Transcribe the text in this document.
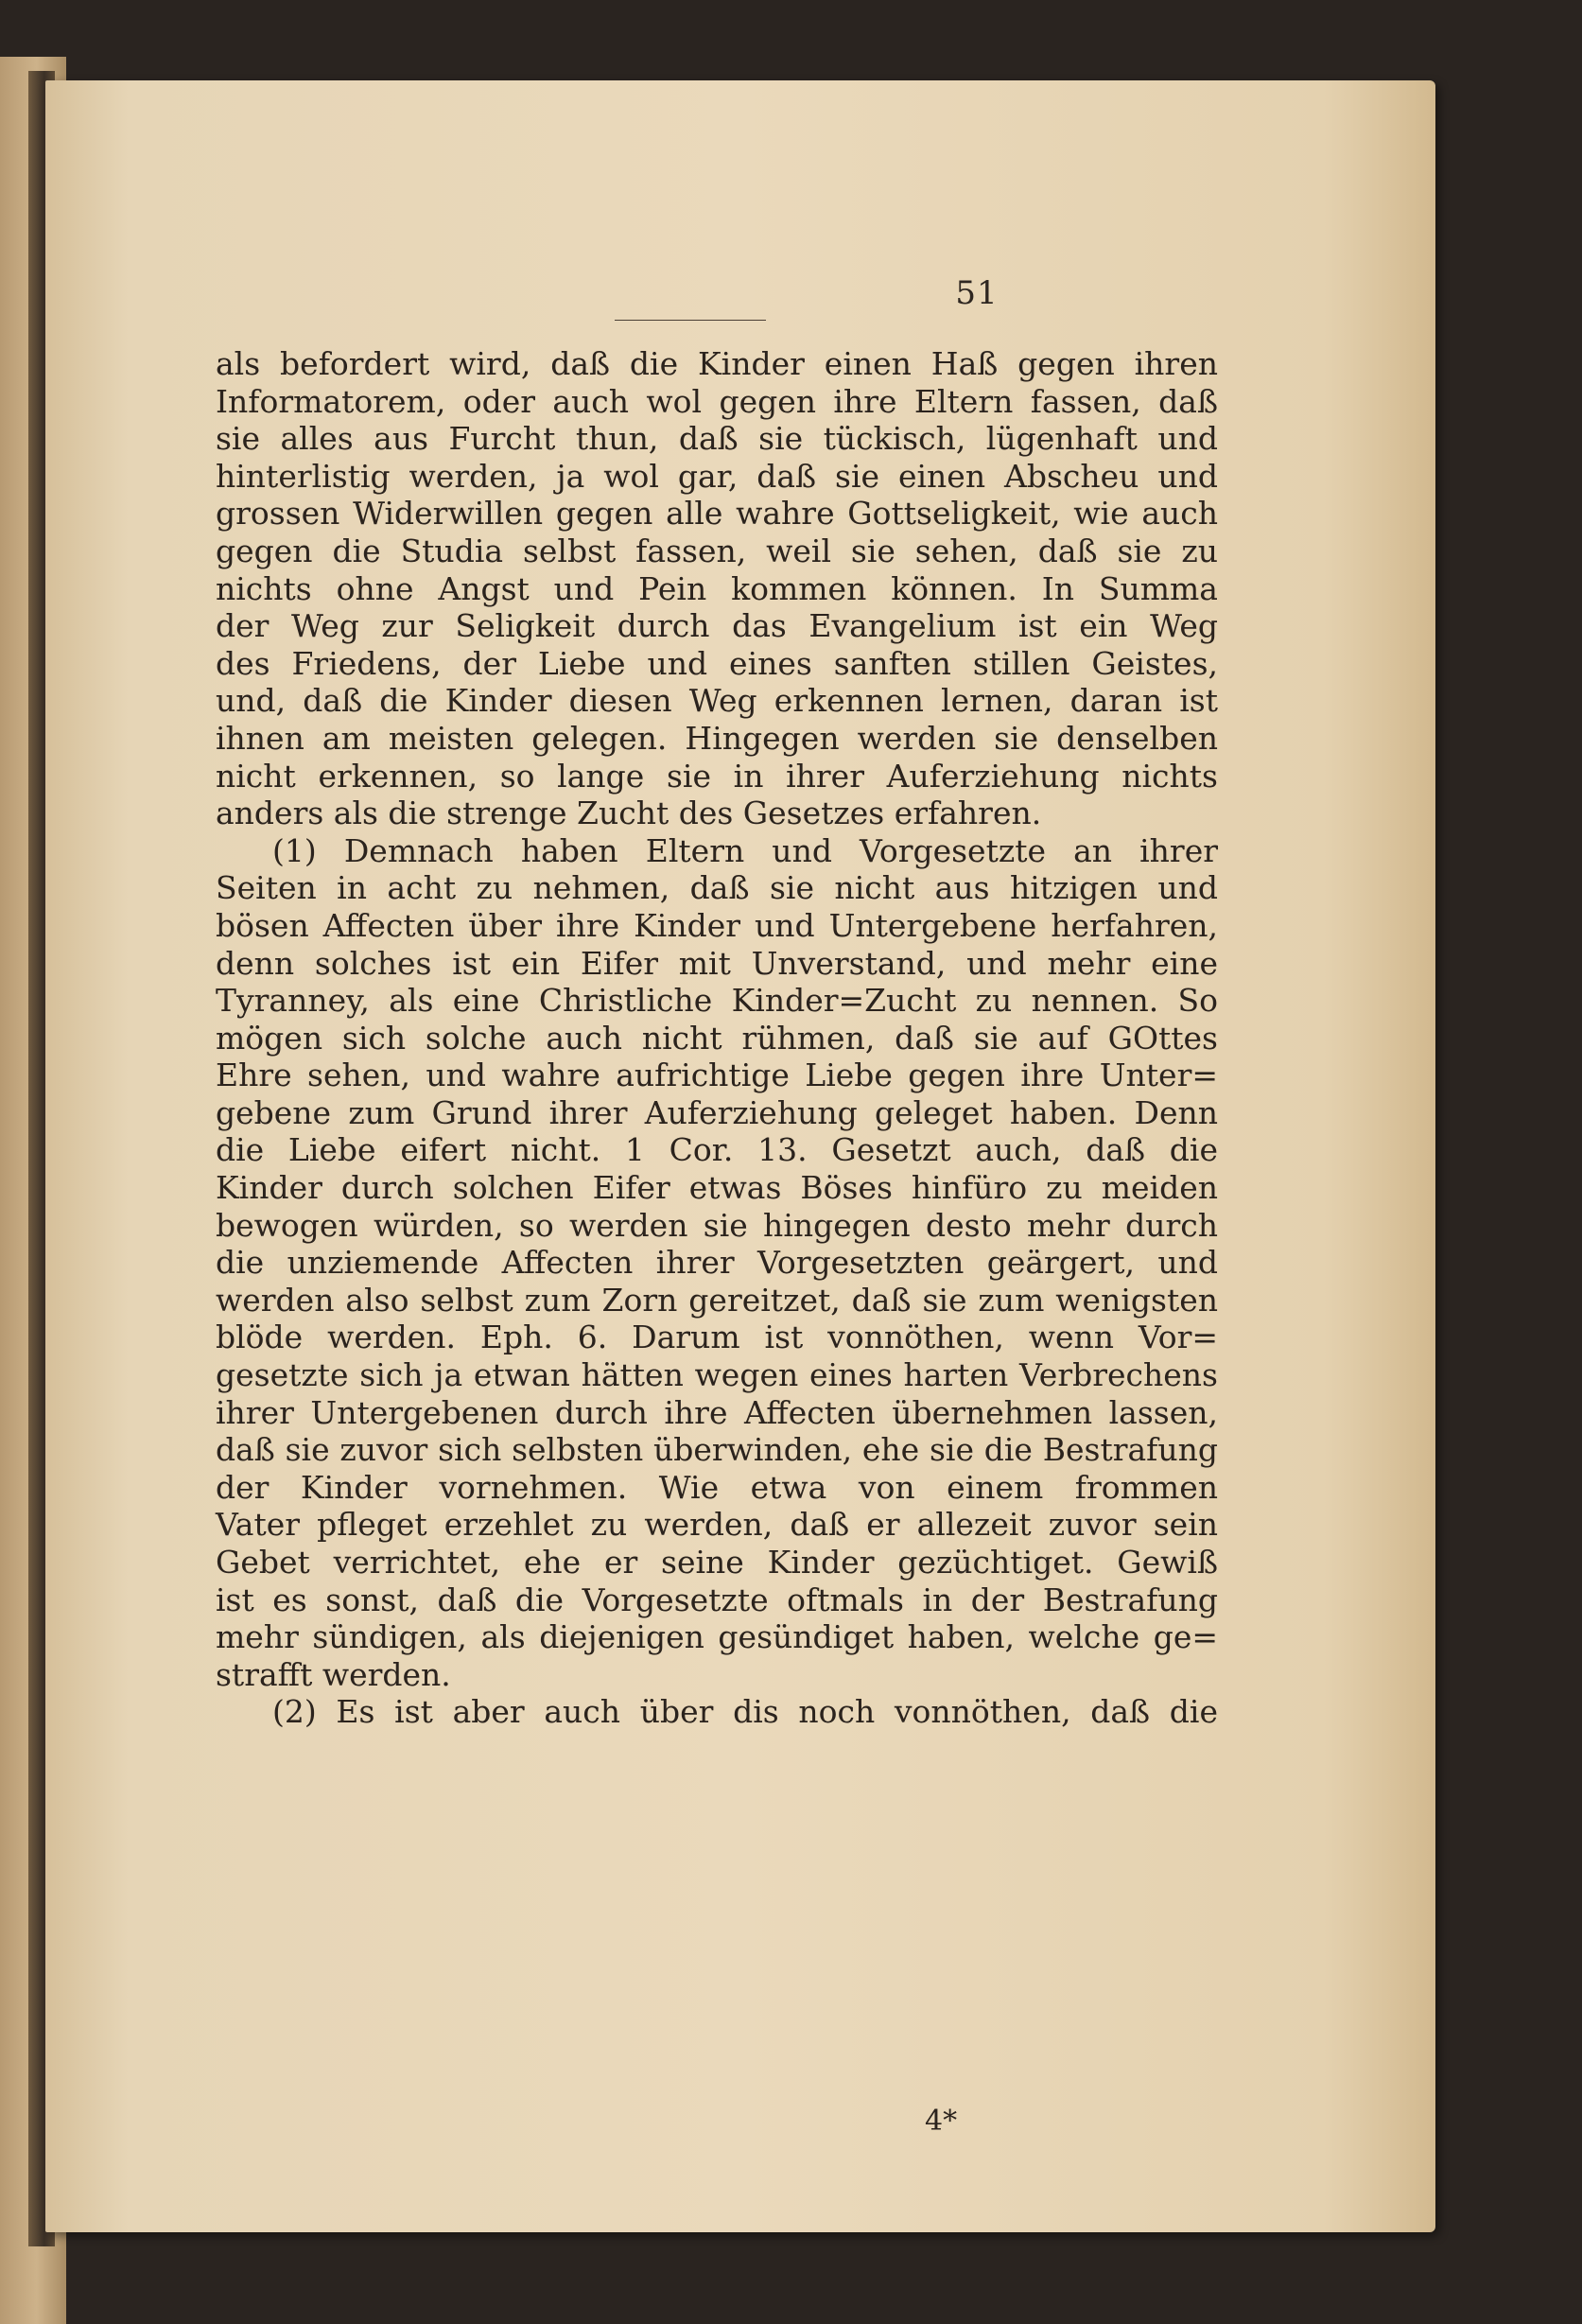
51
als befordert wird, daß die Kinder einen Haß gegen ihren
Informatorem, oder auch wol gegen ihre Eltern fassen, daß
sie alles aus Furcht thun, daß sie tückisch, lügenhaft und
hinterlistig werden, ja wol gar, daß sie einen Abscheu und
grossen Widerwillen gegen alle wahre Gottseligkeit, wie auch
gegen die Studia selbst fassen, weil sie sehen, daß sie zu
nichts ohne Angst und Pein kommen können. In Summa
der Weg zur Seligkeit durch das Evangelium ist ein Weg
des Friedens, der Liebe und eines sanften stillen Geistes,
und, daß die Kinder diesen Weg erkennen lernen, daran ist
ihnen am meisten gelegen. Hingegen werden sie denselben
nicht erkennen, so lange sie in ihrer Auferziehung nichts
anders als die strenge Zucht des Gesetzes erfahren.
(1) Demnach haben Eltern und Vorgesetzte an ihrer
Seiten in acht zu nehmen, daß sie nicht aus hitzigen und
bösen Affecten über ihre Kinder und Untergebene herfahren,
denn solches ist ein Eifer mit Unverstand, und mehr eine
Tyranney, als eine Christliche Kinder=Zucht zu nennen. So
mögen sich solche auch nicht rühmen, daß sie auf GOttes
Ehre sehen, und wahre aufrichtige Liebe gegen ihre Unter=
gebene zum Grund ihrer Auferziehung geleget haben. Denn
die Liebe eifert nicht. 1 Cor. 13. Gesetzt auch, daß die
Kinder durch solchen Eifer etwas Böses hinfüro zu meiden
bewogen würden, so werden sie hingegen desto mehr durch
die unziemende Affecten ihrer Vorgesetzten geärgert, und
werden also selbst zum Zorn gereitzet, daß sie zum wenigsten
blöde werden. Eph. 6. Darum ist vonnöthen, wenn Vor=
gesetzte sich ja etwan hätten wegen eines harten Verbrechens
ihrer Untergebenen durch ihre Affecten übernehmen lassen,
daß sie zuvor sich selbsten überwinden, ehe sie die Bestrafung
der Kinder vornehmen. Wie etwa von einem frommen
Vater pfleget erzehlet zu werden, daß er allezeit zuvor sein
Gebet verrichtet, ehe er seine Kinder gezüchtiget. Gewiß
ist es sonst, daß die Vorgesetzte oftmals in der Bestrafung
mehr sündigen, als diejenigen gesündiget haben, welche ge=
strafft werden.
(2) Es ist aber auch über dis noch vonnöthen, daß die
4*
